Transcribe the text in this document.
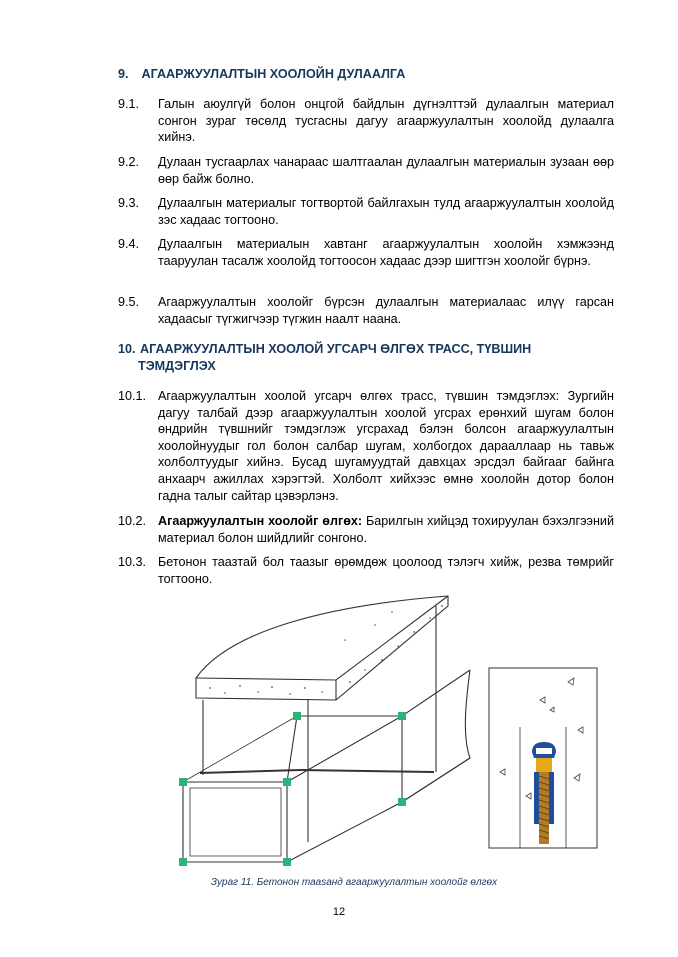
9. АГААРЖУУЛАЛТЫН ХООЛОЙН ДУЛААЛГА
9.1. Галын аюулгүй болон онцгой байдлын дүгнэлттэй дулаалгын материал сонгон зураг төсөлд тусгасны дагуу агааржуулалтын хоолойд дулаалга хийнэ.
9.2. Дулаан тусгаарлах чанараас шалтгаалан дулаалгын материалын зузаан өөр өөр байж болно.
9.3. Дулаалгын материалыг тогтвортой байлгахын тулд агааржуулалтын хоолойд зэс хадаас тогтооно.
9.4. Дулаалгын материалын хавтанг агааржуулалтын хоолойн хэмжээнд тааруулан тасалж хоолойд тогтоосон хадаас дээр шигтгэн хоолойг бүрнэ.
9.5. Агааржуулалтын хоолойг бүрсэн дулаалгын материалаас илүү гарсан хадаасыг түгжигчээр түгжин наалт наана.
10. АГААРЖУУЛАЛТЫН ХООЛОЙ УГСАРЧ ӨЛГӨХ ТРАСС, ТҮВШИН
ТЭМДЭГЛЭХ
10.1. Агааржуулалтын хоолой угсарч өлгөх трасс, түвшин тэмдэглэх: Зургийн дагуу талбай дээр агааржуулалтын хоолой угсрах ерөнхий шугам болон өндрийн түвшнийг тэмдэглэж угсрахад бэлэн болсон агааржуулалтын хоолойнуудыг гол болон салбар шугам, холбогдох дарааллаар нь тавьж холболтуудыг хийнэ. Бусад шугамуудтай давхцах эрсдэл байгааг байнга анхаарч ажиллах хэрэгтэй. Холболт хийхээс өмнө хоолойн дотор болон гадна талыг сайтар цэвэрлэнэ.
10.2. Агааржуулалтын хоолойг өлгөх: Барилгын хийцэд тохируулан бэхэлгээний материал болон шийдлийг сонгоно.
10.3. Бетонон таазтай бол таазыг өрөмдөж цоолоод тэлэгч хийж, резва төмрийг тогтооно.
Зураг 11. Бетонон тааsанд агааржуулалтын хоолойг өлгөх
12
